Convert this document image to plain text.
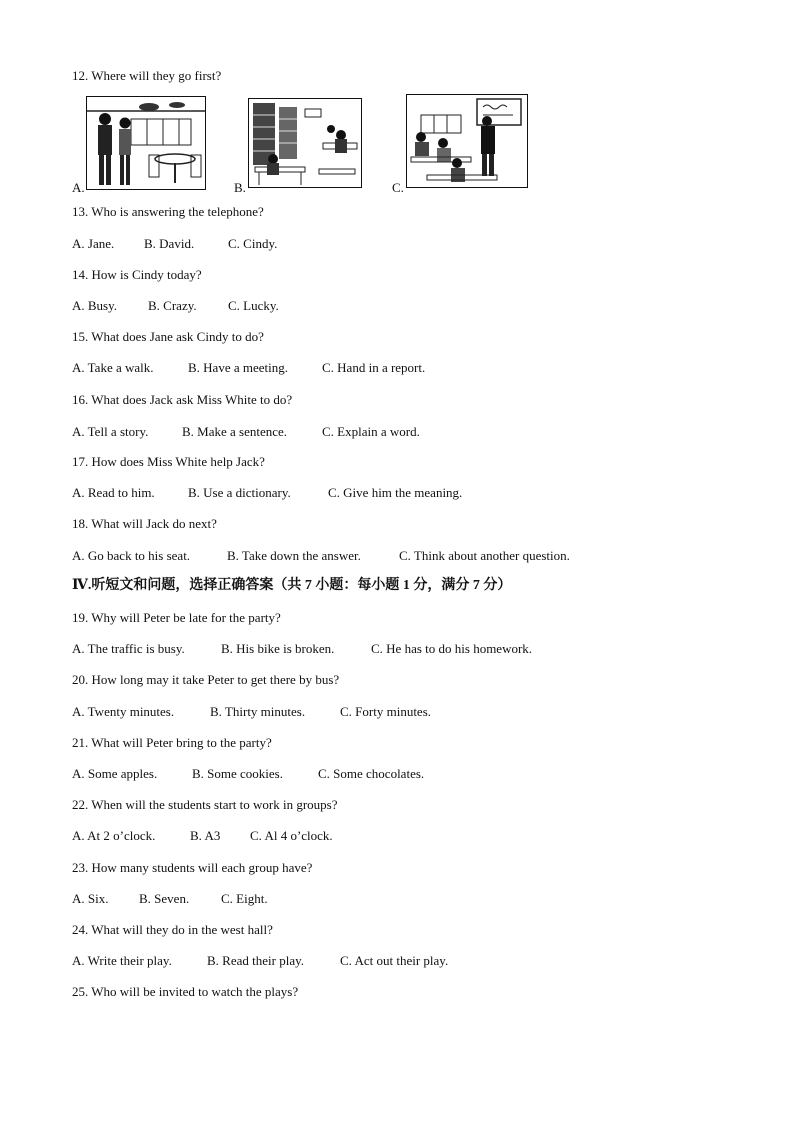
12. Where will they go first?
A.	B.	C.
13. Who is answering the telephone?
A. Jane. B. David.	C. Cindy.
14. How is Cindy today?
A. Busy. B. Crazy. C. Lucky.
15. What does Jane ask Cindy to do?
A. Take a walk.	B. Have a meeting.	C. Hand in a report.
16. What does Jack ask Miss White to do?
A. Tell a story.	B. Make a sentence.	C. Explain a word.
17. How does Miss White help Jack?
A. Read to him.	B. Use a dictionary.	C. Give him the meaning.
18. What will Jack do next?
A. Go back to his seat.	B. Take down the answer.	C. Think about another question.
Ⅳ.听短文和问题，选择正确答案（共 7 小题：每小题 1 分，满分 7 分）
19. Why will Peter be late for the party?
A. The traffic is busy.	B. His bike is broken.	C. He has to do his homework.
20. How long may it take Peter to get there by bus?
A. Twenty minutes.	B. Thirty minutes.	C. Forty minutes.
21. What will Peter bring to the party?
A. Some apples.	B. Some cookies.	C. Some chocolates.
22. When will the students start to work in groups?
A. At 2 o’clock.	B. A3 C. Al 4 o’clock.
23. How many students will each group have?
A. Six. B. Seven. C. Eight.
24. What will they do in the west hall?
A. Write their play.	B. Read their play.	C. Act out their play.
25. Who will be invited to watch the plays?
